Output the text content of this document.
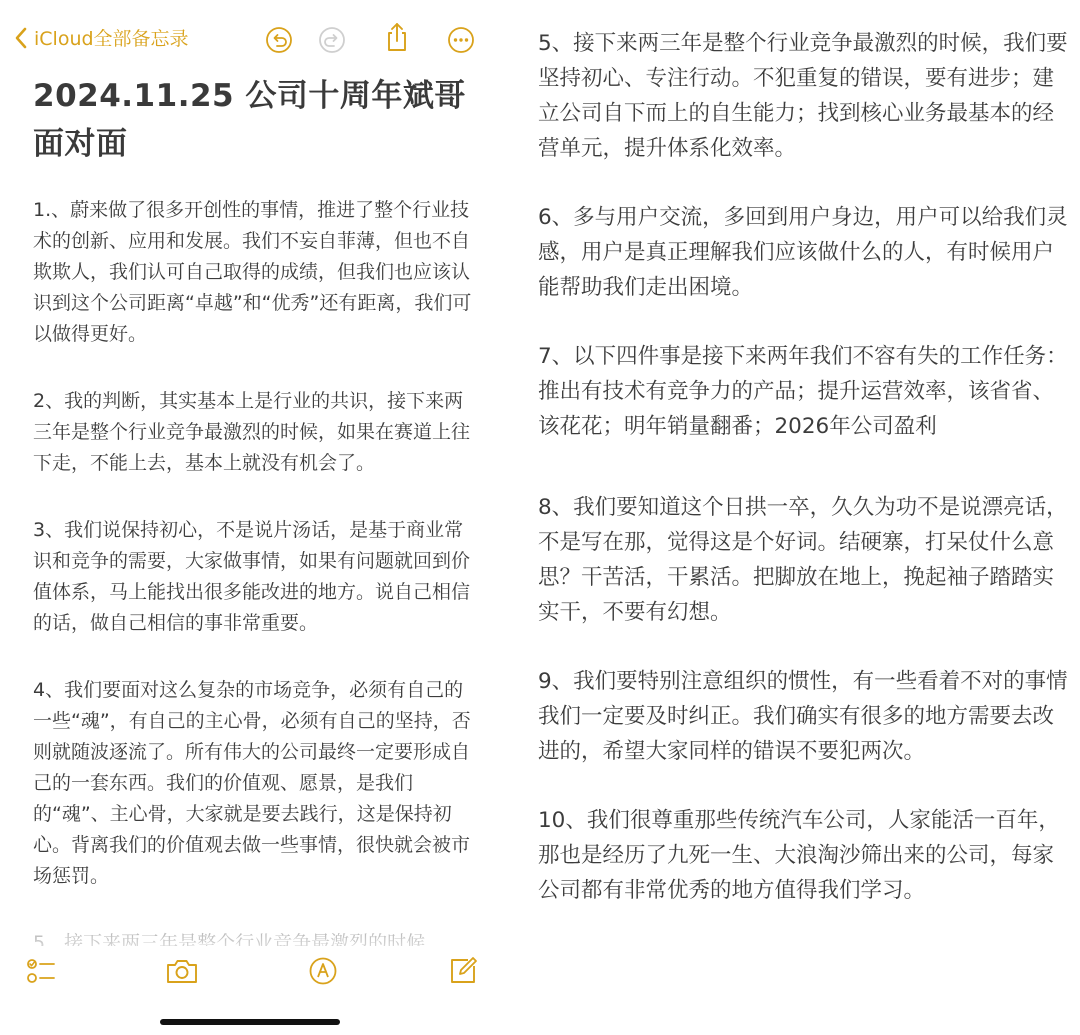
iCloud全部备忘录
2024.11.25 公司十周年斌哥面对面

1.、蔚来做了很多开创性的事情，推进了整个行业技术的创新、应用和发展。我们不妄自菲薄，但也不自欺欺人，我们认可自己取得的成绩，但我们也应该认识到这个公司距离“卓越”和“优秀”还有距离，我们可以做得更好。

2、我的判断，其实基本上是行业的共识，接下来两三年是整个行业竞争最激烈的时候，如果在赛道上往下走，不能上去，基本上就没有机会了。

3、我们说保持初心，不是说片汤话，是基于商业常识和竞争的需要，大家做事情，如果有问题就回到价值体系，马上能找出很多能改进的地方。说自己相信的话，做自己相信的事非常重要。

4、我们要面对这么复杂的市场竞争，必须有自己的一些“魂”，有自己的主心骨，必须有自己的坚持，否则就随波逐流了。所有伟大的公司最终一定要形成自己的一套东西。我们的价值观、愿景，是我们的“魂”、主心骨，大家就是要去践行，这是保持初心。背离我们的价值观去做一些事情，很快就会被市场惩罚。

5、接下来两三年是整个行业竞争最激烈的时候，我们要坚持初心、专注行动。不犯重复的错误，要有进步；建立公司自下而上的自生能力；找到核心业务最基本的经营单元，提升体系化效率。

6、多与用户交流，多回到用户身边，用户可以给我们灵感，用户是真正理解我们应该做什么的人，有时候用户能帮助我们走出困境。

7、以下四件事是接下来两年我们不容有失的工作任务：推出有技术有竞争力的产品；提升运营效率，该省省、该花花；明年销量翻番；2026年公司盈利

8、我们要知道这个日拱一卒，久久为功不是说漂亮话，不是写在那，觉得这是个好词。结硬寨，打呆仗什么意思？干苦活，干累活。把脚放在地上，挽起袖子踏踏实实干，不要有幻想。

9、我们要特别注意组织的惯性，有一些看着不对的事情我们一定要及时纠正。我们确实有很多的地方需要去改进的，希望大家同样的错误不要犯两次。

10、我们很尊重那些传统汽车公司，人家能活一百年，那也是经历了九死一生、大浪淘沙筛出来的公司，每家公司都有非常优秀的地方值得我们学习。
